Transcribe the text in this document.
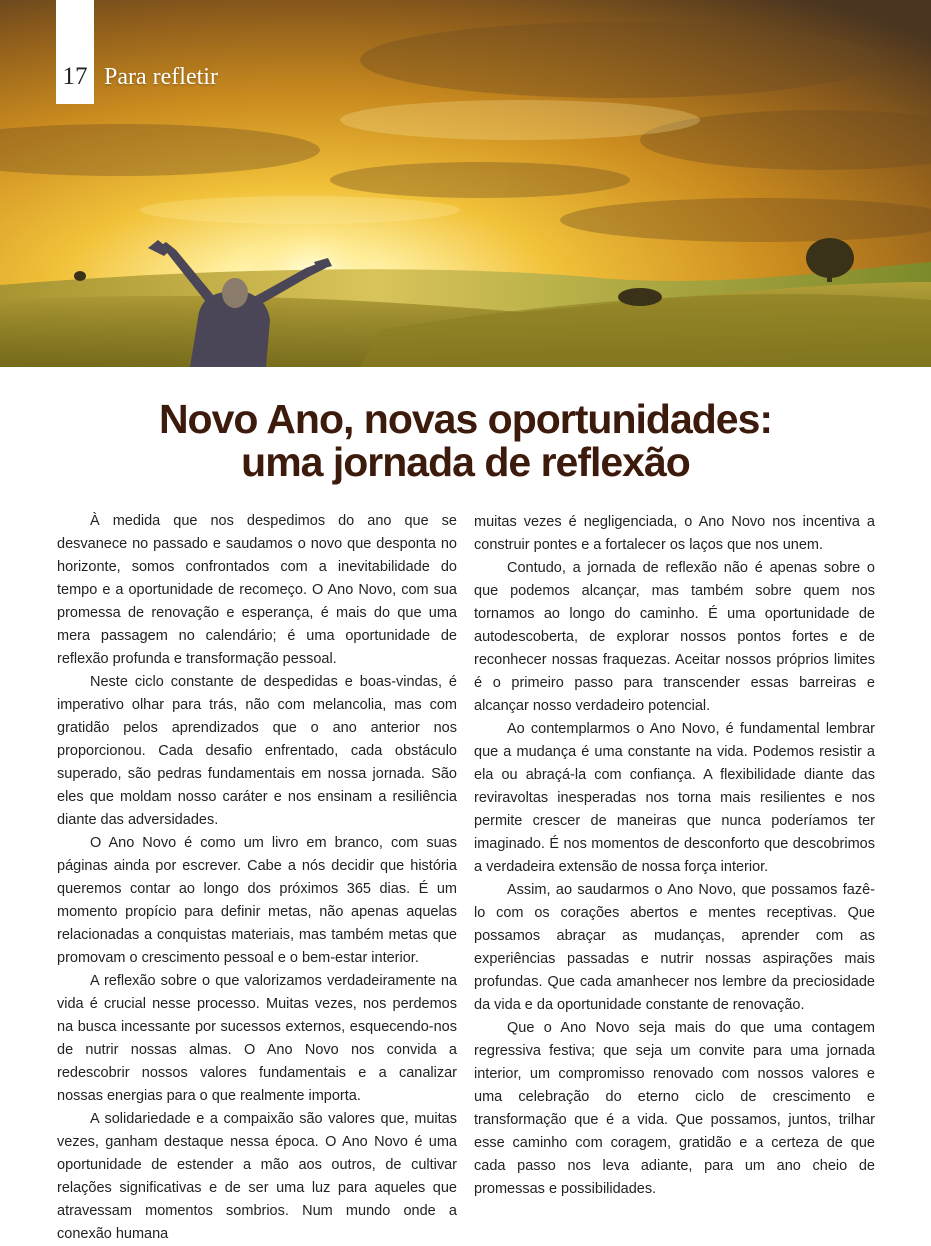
17 Para refletir
Novo Ano, novas oportunidades:
uma jornada de reflexão

À medida que nos despedimos do ano que se desvanece no passado e saudamos o novo que desponta no horizonte, somos confrontados com a inevitabilidade do tempo e a oportunidade de recomeço. O Ano Novo, com sua promessa de renovação e esperança, é mais do que uma mera passagem no calendário; é uma oportunidade de reflexão profunda e transformação pessoal.

Neste ciclo constante de despedidas e boas-vindas, é imperativo olhar para trás, não com melancolia, mas com gratidão pelos aprendizados que o ano anterior nos proporcionou. Cada desafio enfrentado, cada obstáculo superado, são pedras fundamentais em nossa jornada. São eles que moldam nosso caráter e nos ensinam a resiliência diante das adversidades.

O Ano Novo é como um livro em branco, com suas páginas ainda por escrever. Cabe a nós decidir que história queremos contar ao longo dos próximos 365 dias. É um momento propício para definir metas, não apenas aquelas relacionadas a conquistas materiais, mas também metas que promovam o crescimento pessoal e o bem-estar interior.

A reflexão sobre o que valorizamos verdadeiramente na vida é crucial nesse processo. Muitas vezes, nos perdemos na busca incessante por sucessos externos, esquecendo-nos de nutrir nossas almas. O Ano Novo nos convida a redescobrir nossos valores fundamentais e a canalizar nossas energias para o que realmente importa.

A solidariedade e a compaixão são valores que, muitas vezes, ganham destaque nessa época. O Ano Novo é uma oportunidade de estender a mão aos outros, de cultivar relações significativas e de ser uma luz para aqueles que atravessam momentos sombrios. Num mundo onde a conexão humana

muitas vezes é negligenciada, o Ano Novo nos incentiva a construir pontes e a fortalecer os laços que nos unem.

Contudo, a jornada de reflexão não é apenas sobre o que podemos alcançar, mas também sobre quem nos tornamos ao longo do caminho. É uma oportunidade de autodescoberta, de explorar nossos pontos fortes e de reconhecer nossas fraquezas. Aceitar nossos próprios limites é o primeiro passo para transcender essas barreiras e alcançar nosso verdadeiro potencial.

Ao contemplarmos o Ano Novo, é fundamental lembrar que a mudança é uma constante na vida. Podemos resistir a ela ou abraçá-la com confiança. A flexibilidade diante das reviravoltas inesperadas nos torna mais resilientes e nos permite crescer de maneiras que nunca poderíamos ter imaginado. É nos momentos de desconforto que descobrimos a verdadeira extensão de nossa força interior.

Assim, ao saudarmos o Ano Novo, que possamos fazê-lo com os corações abertos e mentes receptivas. Que possamos abraçar as mudanças, aprender com as experiências passadas e nutrir nossas aspirações mais profundas. Que cada amanhecer nos lembre da preciosidade da vida e da oportunidade constante de renovação.

Que o Ano Novo seja mais do que uma contagem regressiva festiva; que seja um convite para uma jornada interior, um compromisso renovado com nossos valores e uma celebração do eterno ciclo de crescimento e transformação que é a vida. Que possamos, juntos, trilhar esse caminho com coragem, gratidão e a certeza de que cada passo nos leva adiante, para um ano cheio de promessas e possibilidades.
